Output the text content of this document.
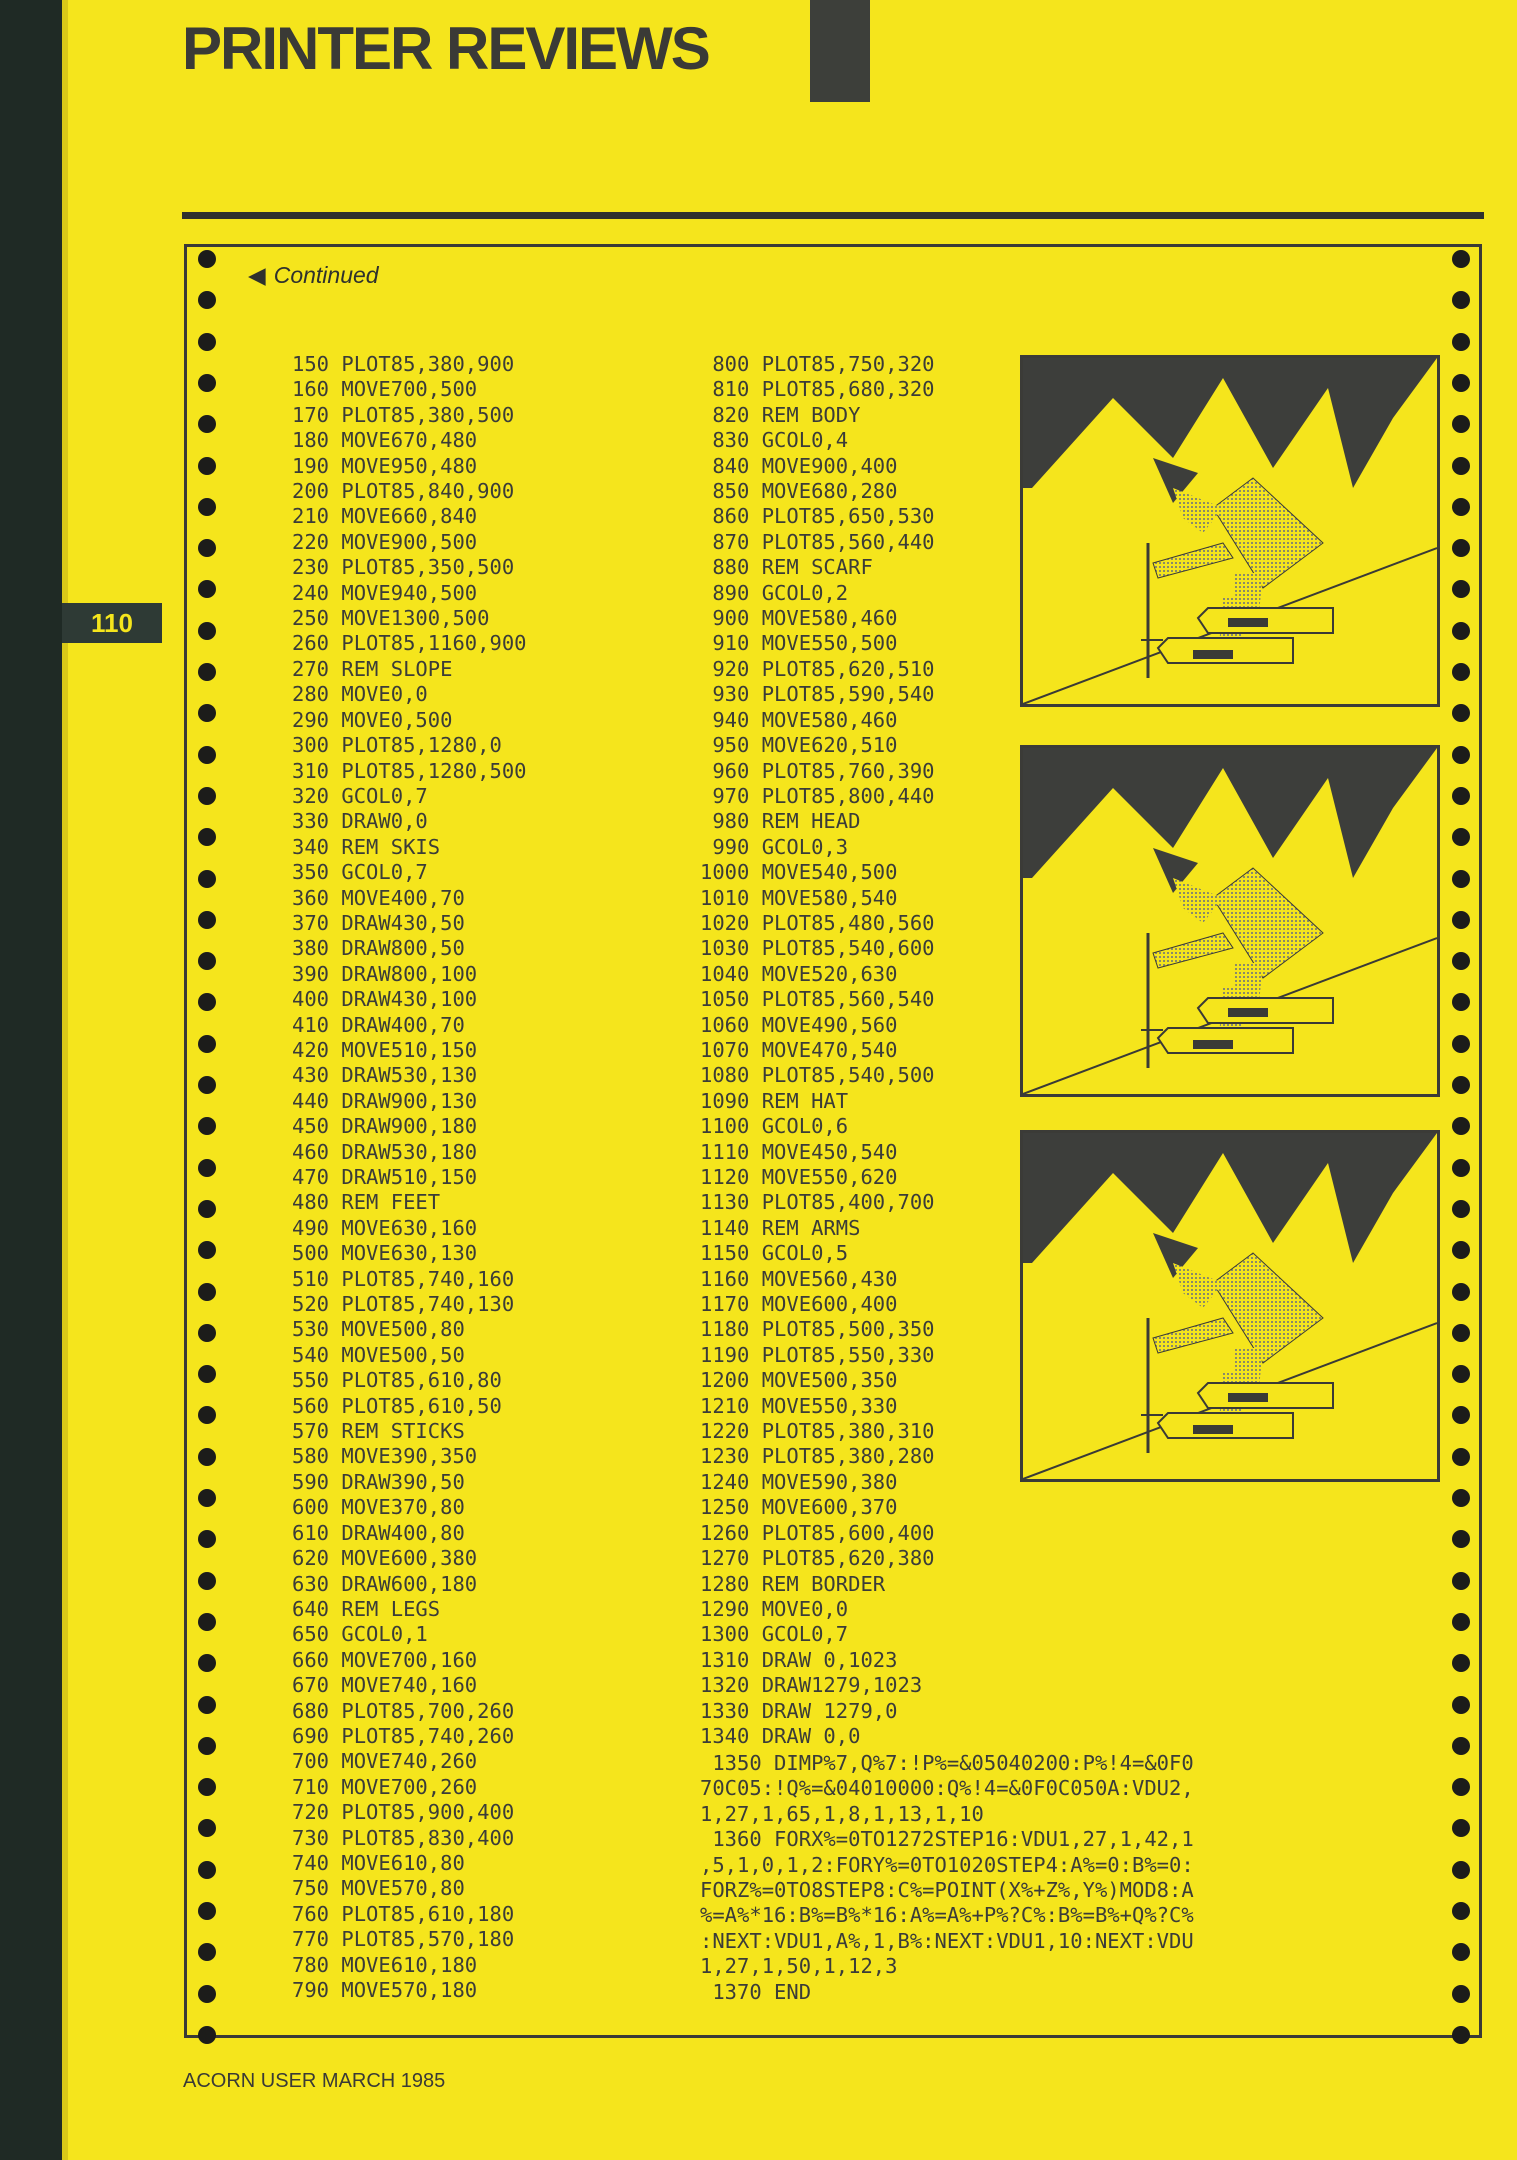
PRINTER REVIEWS
110
◀ Continued
150 PLOT85,380,900
160 MOVE700,500
170 PLOT85,380,500
180 MOVE670,480
190 MOVE950,480
200 PLOT85,840,900
210 MOVE660,840
220 MOVE900,500
230 PLOT85,350,500
240 MOVE940,500
250 MOVE1300,500
260 PLOT85,1160,900
270 REM SLOPE
280 MOVE0,0
290 MOVE0,500
300 PLOT85,1280,0
310 PLOT85,1280,500
320 GCOL0,7
330 DRAW0,0
340 REM SKIS
350 GCOL0,7
360 MOVE400,70
370 DRAW430,50
380 DRAW800,50
390 DRAW800,100
400 DRAW430,100
410 DRAW400,70
420 MOVE510,150
430 DRAW530,130
440 DRAW900,130
450 DRAW900,180
460 DRAW530,180
470 DRAW510,150
480 REM FEET
490 MOVE630,160
500 MOVE630,130
510 PLOT85,740,160
520 PLOT85,740,130
530 MOVE500,80
540 MOVE500,50
550 PLOT85,610,80
560 PLOT85,610,50
570 REM STICKS
580 MOVE390,350
590 DRAW390,50
600 MOVE370,80
610 DRAW400,80
620 MOVE600,380
630 DRAW600,180
640 REM LEGS
650 GCOL0,1
660 MOVE700,160
670 MOVE740,160
680 PLOT85,700,260
690 PLOT85,740,260
700 MOVE740,260
710 MOVE700,260
720 PLOT85,900,400
730 PLOT85,830,400
740 MOVE610,80
750 MOVE570,80
760 PLOT85,610,180
770 PLOT85,570,180
780 MOVE610,180
790 MOVE570,180
800 PLOT85,750,320
810 PLOT85,680,320
820 REM BODY
830 GCOL0,4
840 MOVE900,400
850 MOVE680,280
860 PLOT85,650,530
870 PLOT85,560,440
880 REM SCARF
890 GCOL0,2
900 MOVE580,460
910 MOVE550,500
920 PLOT85,620,510
930 PLOT85,590,540
940 MOVE580,460
950 MOVE620,510
960 PLOT85,760,390
970 PLOT85,800,440
980 REM HEAD
990 GCOL0,3
1000 MOVE540,500
1010 MOVE580,540
1020 PLOT85,480,560
1030 PLOT85,540,600
1040 MOVE520,630
1050 PLOT85,560,540
1060 MOVE490,560
1070 MOVE470,540
1080 PLOT85,540,500
1090 REM HAT
1100 GCOL0,6
1110 MOVE450,540
1120 MOVE550,620
1130 PLOT85,400,700
1140 REM ARMS
1150 GCOL0,5
1160 MOVE560,430
1170 MOVE600,400
1180 PLOT85,500,350
1190 PLOT85,550,330
1200 MOVE500,350
1210 MOVE550,330
1220 PLOT85,380,310
1230 PLOT85,380,280
1240 MOVE590,380
1250 MOVE600,370
1260 PLOT85,600,400
1270 PLOT85,620,380
1280 REM BORDER
1290 MOVE0,0
1300 GCOL0,7
1310 DRAW 0,1023
1320 DRAW1279,1023
1330 DRAW 1279,0
1340 DRAW 0,0
1350 DIMP%7,Q%7:!P%=&05040200:P%!4=&0F0
70C05:!Q%=&04010000:Q%!4=&0F0C050A:VDU2,
1,27,1,65,1,8,1,13,1,10
1360 FORX%=0TO1272STEP16:VDU1,27,1,42,1
,5,1,0,1,2:FORY%=0TO1020STEP4:A%=0:B%=0:
FORZ%=0TO8STEP8:C%=POINT(X%+Z%,Y%)MOD8:A
%=A%*16:B%=B%*16:A%=A%+P%?C%:B%=B%+Q%?C%
:NEXT:VDU1,A%,1,B%:NEXT:VDU1,10:NEXT:VDU
1,27,1,50,1,12,3
1370 END
ACORN USER MARCH 1985
